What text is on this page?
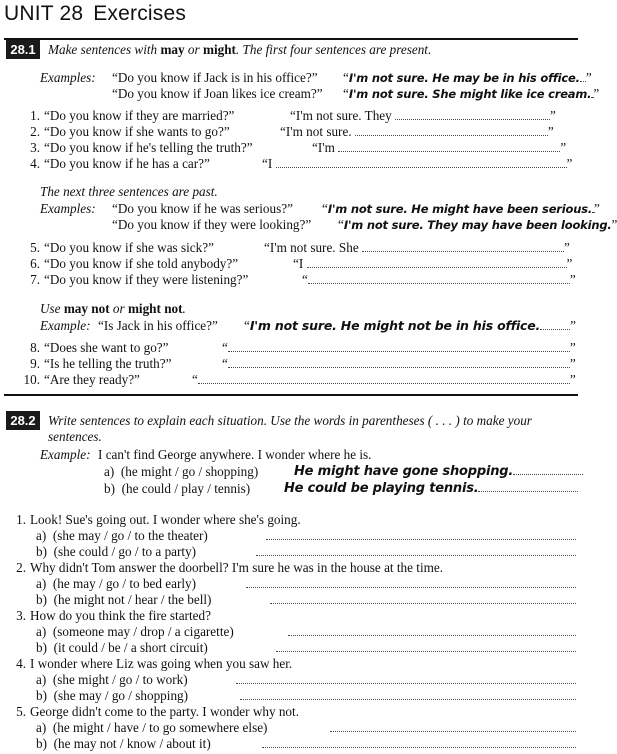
UNIT 28 Exercises
28.1 Make sentences with may or might. The first four sentences are present.
Examples: “Do you know if Jack is in his office?” “I'm not sure. He may be in his office. ”
“Do you know if Joan likes ice cream?” “I'm not sure. She might like ice cream. ”
1. “Do you know if they are married?”	“I'm not sure. They	”
2. “Do you know if she wants to go?”	“I'm not sure.	”
3. “Do you know if he's telling the truth?”	“I'm	”
4. “Do you know if he has a car?”	“I	”
The next three sentences are past.
Examples: “Do you know if he was serious?” “I'm not sure. He might have been serious. ”
“Do you know if they were looking?” “I'm not sure. They may have been looking.”
5. “Do you know if she was sick?”	“I'm not sure. She	”
6. “Do you know if she told anybody?”	“I	”
7. “Do you know if they were listening?”	“	”
Use may not or might not.
Example: “Is Jack in his office?” “I'm not sure. He might not be in his office. ”
8. “Does she want to go?”	“	”
9. “Is he telling the truth?”	“	”
10. “Are they ready?”	“	”
28.2 Write sentences to explain each situation. Use the words in parentheses ( . . . ) to make your sentences.
Example: I can't find George anywhere. I wonder where he is.
a) (he might / go / shopping)	He might have gone shopping.
b) (he could / play / tennis)	He could be playing tennis.
1. Look! Sue's going out. I wonder where she's going.
a) (she may / go / to the theater)
b) (she could / go / to a party)
2. Why didn't Tom answer the doorbell? I'm sure he was in the house at the time.
a) (he may / go / to bed early)
b) (he might not / hear / the bell)
3. How do you think the fire started?
a) (someone may / drop / a cigarette)
b) (it could / be / a short circuit)
4. I wonder where Liz was going when you saw her.
a) (she might / go / to work)
b) (she may / go / shopping)
5. George didn't come to the party. I wonder why not.
a) (he might / have / to go somewhere else)
b) (he may not / know / about it)
